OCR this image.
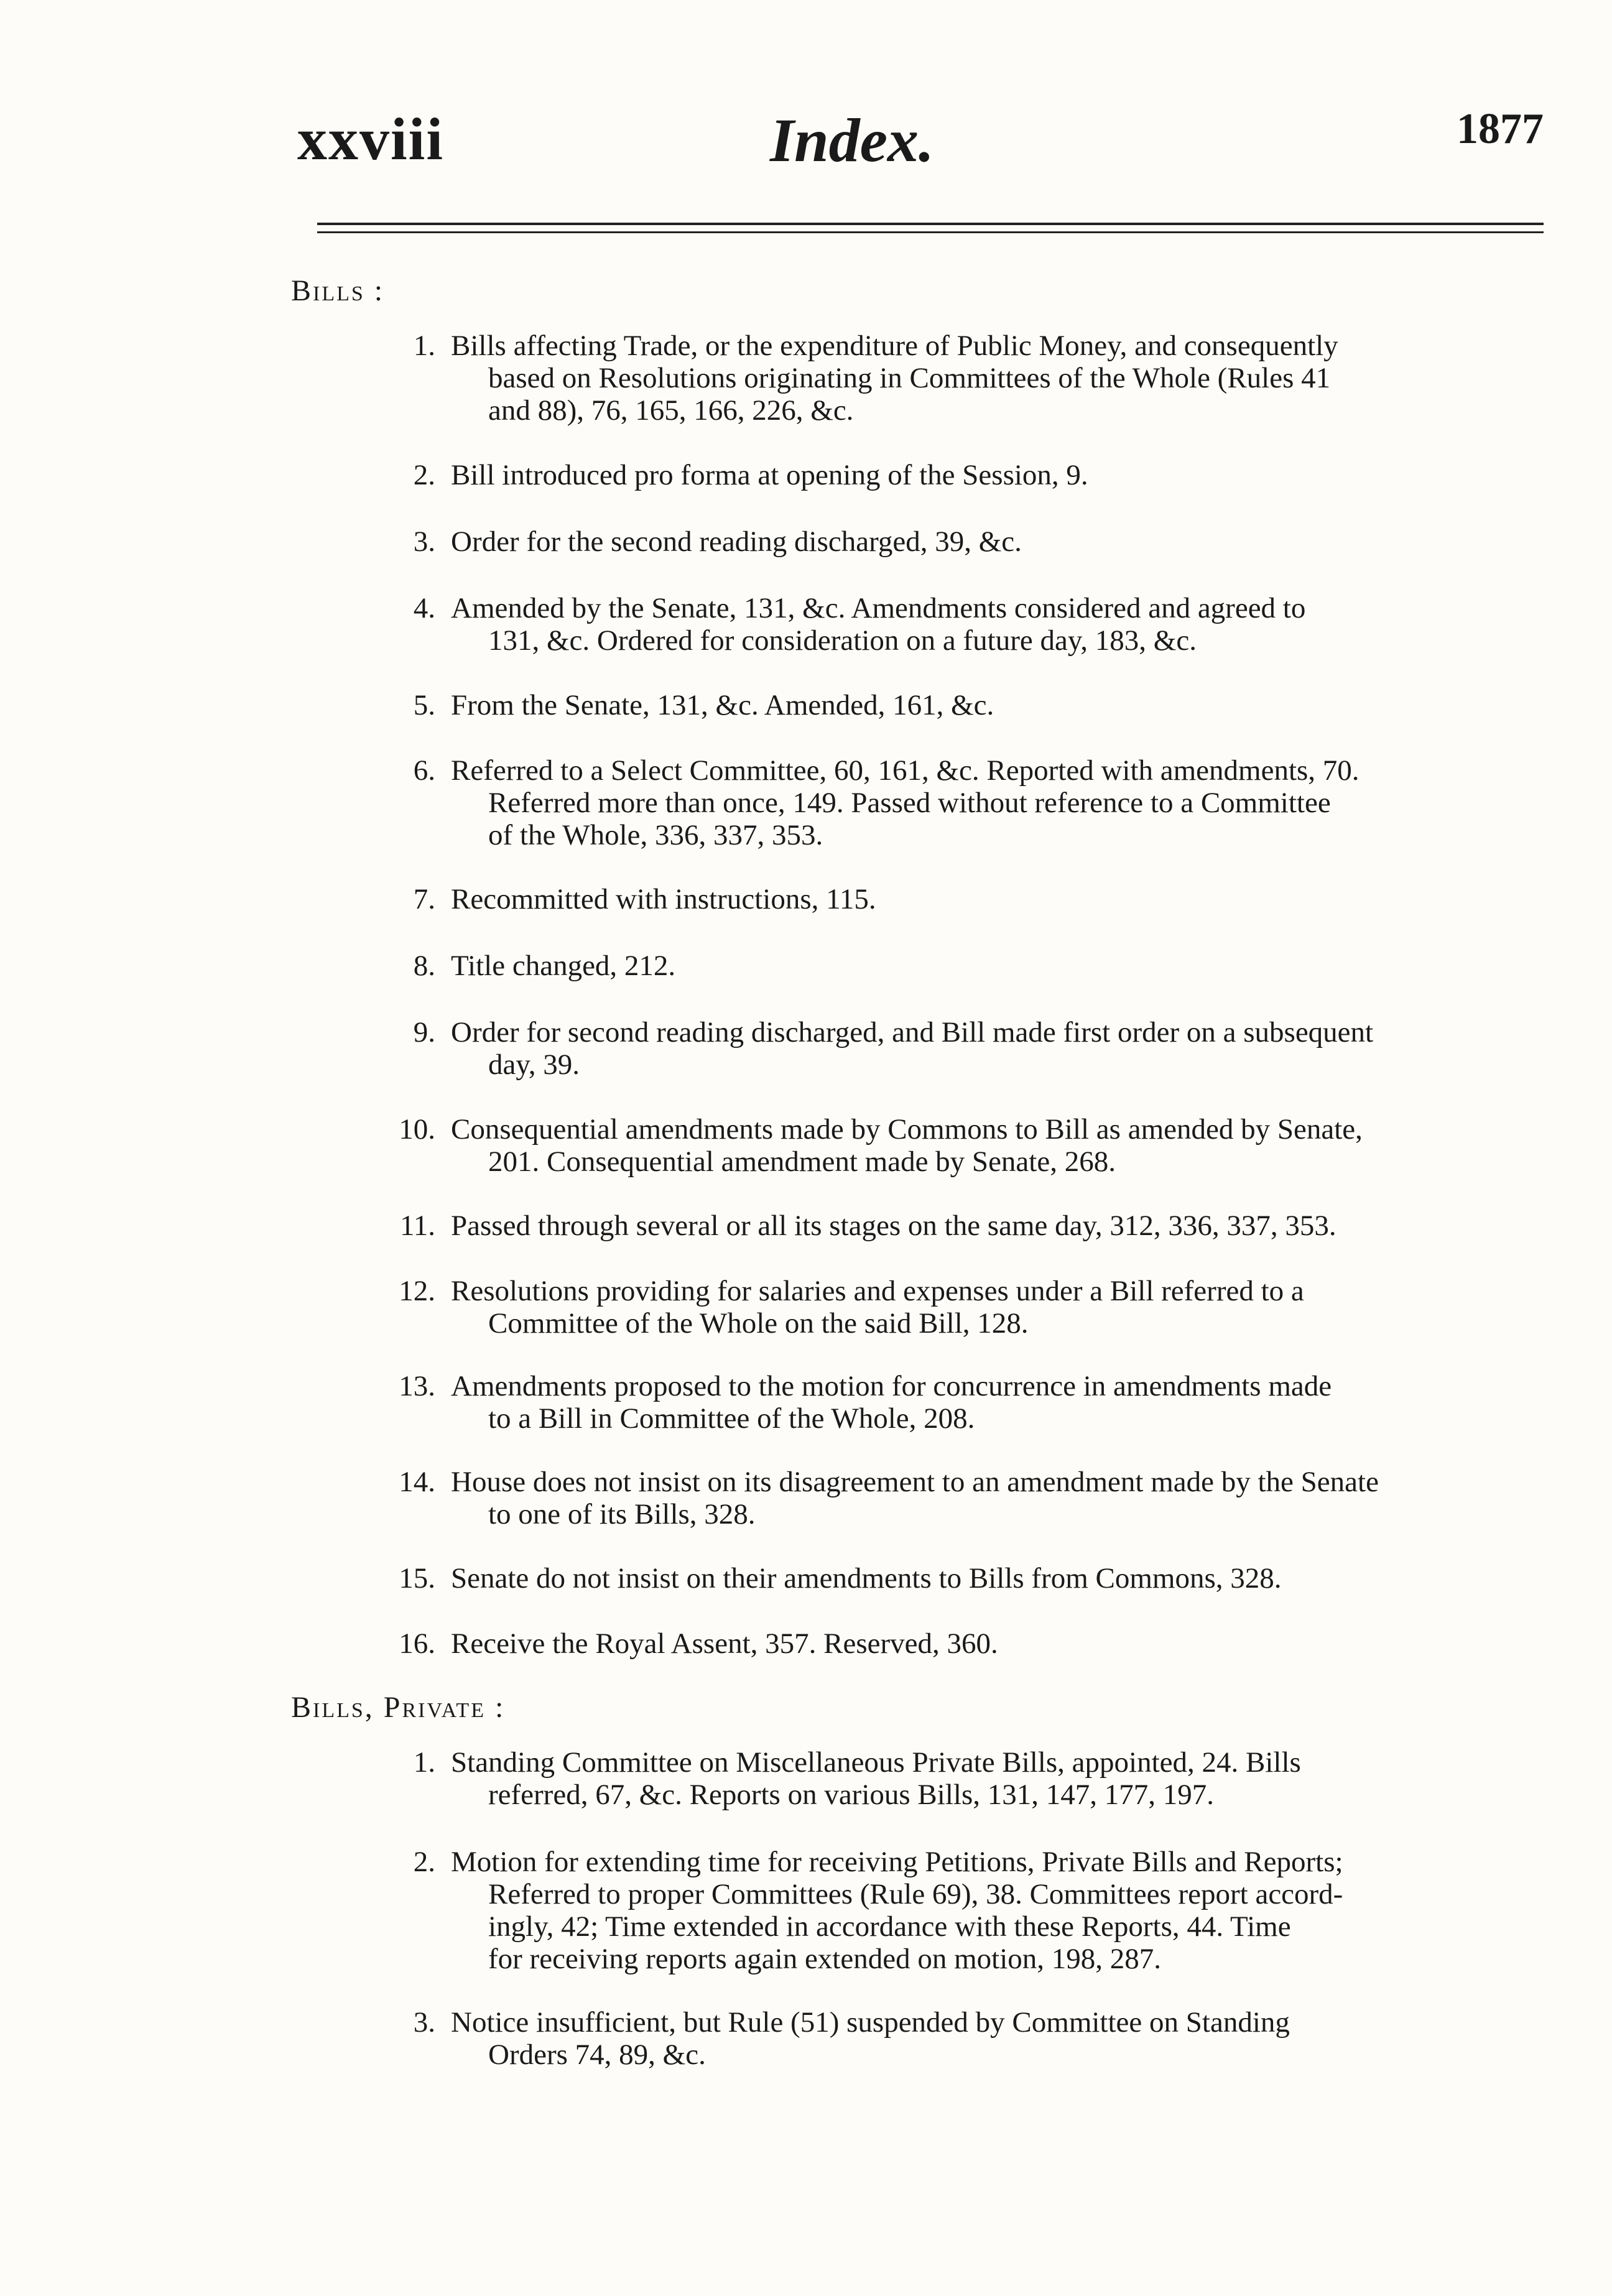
xxviii	Index.	1877
Bills :
1. Bills affecting Trade, or the expenditure of Public Money, and consequently
based on Resolutions originating in Committees of the Whole (Rules 41
and 88), 76, 165, 166, 226, &c.
2. Bill introduced pro forma at opening of the Session, 9.
3. Order for the second reading discharged, 39, &c.
4. Amended by the Senate, 131, &c. Amendments considered and agreed to
131, &c. Ordered for consideration on a future day, 183, &c.
5. From the Senate, 131, &c. Amended, 161, &c.
6. Referred to a Select Committee, 60, 161, &c. Reported with amendments, 70.
Referred more than once, 149. Passed without reference to a Committee
of the Whole, 336, 337, 353.
7. Recommitted with instructions, 115.
8. Title changed, 212.
9. Order for second reading discharged, and Bill made first order on a subsequent
day, 39.
10. Consequential amendments made by Commons to Bill as amended by Senate,
201. Consequential amendment made by Senate, 268.
11. Passed through several or all its stages on the same day, 312, 336, 337, 353.
12. Resolutions providing for salaries and expenses under a Bill referred to a
Committee of the Whole on the said Bill, 128.
13. Amendments proposed to the motion for concurrence in amendments made
to a Bill in Committee of the Whole, 208.
14. House does not insist on its disagreement to an amendment made by the Senate
to one of its Bills, 328.
15. Senate do not insist on their amendments to Bills from Commons, 328.
16. Receive the Royal Assent, 357. Reserved, 360.
Bills, Private :
1. Standing Committee on Miscellaneous Private Bills, appointed, 24. Bills
referred, 67, &c. Reports on various Bills, 131, 147, 177, 197.
2. Motion for extending time for receiving Petitions, Private Bills and Reports;
Referred to proper Committees (Rule 69), 38. Committees report accord-
ingly, 42; Time extended in accordance with these Reports, 44. Time
for receiving reports again extended on motion, 198, 287.
3. Notice insufficient, but Rule (51) suspended by Committee on Standing
Orders 74, 89, &c.
